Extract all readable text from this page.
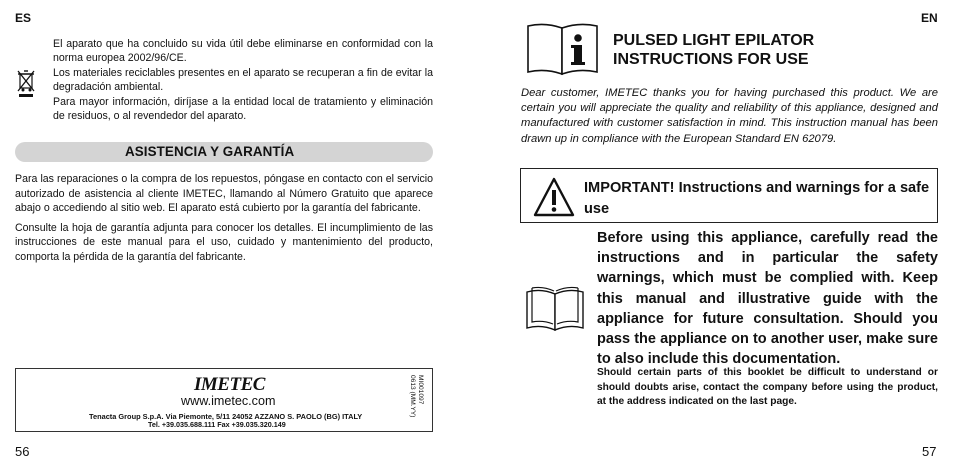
ES

El aparato que ha concluido su vida útil debe eliminarse en conformidad con la norma europea 2002/96/CE.

Los materiales reciclables presentes en el aparato se recuperan a fin de evitar la degradación ambiental.

Para mayor información, diríjase a la entidad local de tratamiento y eliminación de residuos, o al revendedor del aparato.

ASISTENCIA Y GARANTÍA

Para las reparaciones o la compra de los repuestos, póngase en contacto con el servicio autorizado de asistencia al cliente IMETEC, llamando al Número Gratuito que aparece abajo o accediendo al sitio web. El aparato está cubierto por la garantía del fabricante.

Consulte la hoja de garantía adjunta para conocer los detalles. El incumplimiento de las instrucciones de este manual para el uso, cuidado y mantenimiento del producto, comporta la pérdida de la garantía del fabricante.

IMETEC
www.imetec.com
Tenacta Group S.p.A. Via Piemonte, 5/11 24052 AZZANO S. PAOLO (BG) ITALY
Tel. +39.035.688.111 Fax +39.035.320.149
MI001097
0613 (MM.YY)
56
EN
PULSED LIGHT EPILATOR
INSTRUCTIONS FOR USE

Dear customer, IMETEC thanks you for having purchased this product. We are certain you will appreciate the quality and reliability of this appliance, designed and manufactured with customer satisfaction in mind. This instruction manual has been drawn up in compliance with the European Standard EN 62079.

IMPORTANT! Instructions and warnings for a safe use

Before using this appliance, carefully read the instructions and in particular the safety warnings, which must be complied with. Keep this manual and illustrative guide with the appliance for future consultation. Should you pass the appliance on to another user, make sure to also include this documentation.

Should certain parts of this booklet be difficult to understand or should doubts arise, contact the company before using the product, at the address indicated on the last page.

57
